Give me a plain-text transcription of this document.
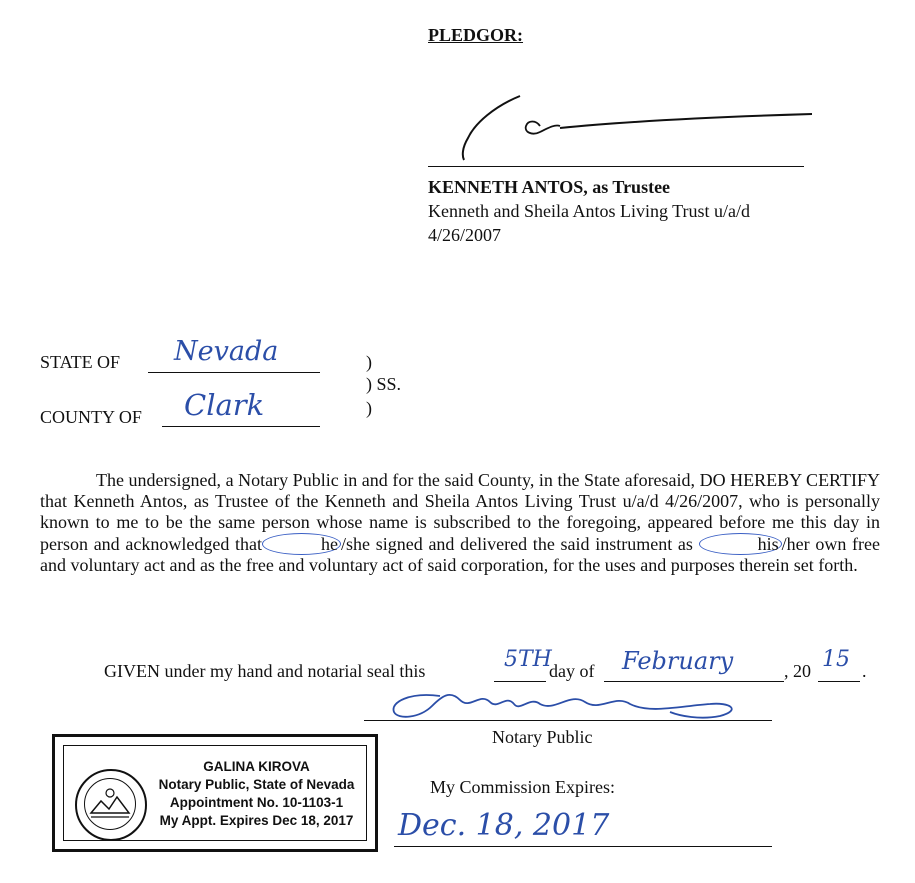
PLEDGOR:
KENNETH ANTOS, as Trustee
Kenneth and Sheila Antos Living Trust u/a/d
4/26/2007
STATE OF Nevada	)
) SS.
COUNTY OF Clark	)
The undersigned, a Notary Public in and for the said County, in the State aforesaid, DO HEREBY CERTIFY that Kenneth Antos, as Trustee of the Kenneth and Sheila Antos Living Trust u/a/d 4/26/2007, who is personally known to me to be the same person whose name is subscribed to the foregoing, appeared before me this day in person and acknowledged that	he /she signed and delivered the said instrument as	his /her own free and voluntary act and as the free and voluntary act of said corporation, for the uses and purposes therein set forth.
GIVEN under my hand and notarial seal this	5TH
day of February	, 20 15 .
Notary Public
My Commission Expires:
Dec. 18, 2017
GALINA KIROVA
Notary Public, State of Nevada
Appointment No. 10-1103-1
My Appt. Expires Dec 18, 2017
